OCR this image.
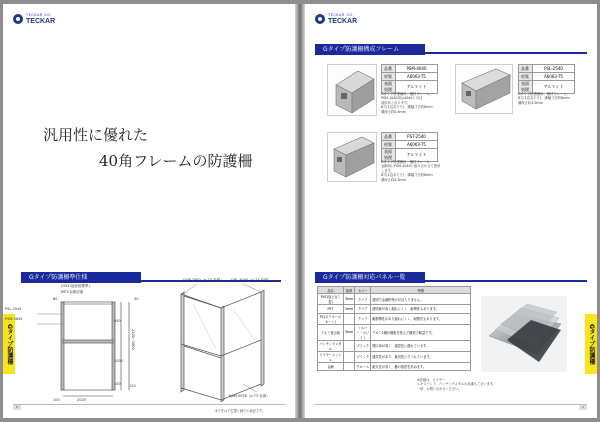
TECKAR CO.
TECKAR
汎用性に優れた
40角フレームの防護柵
Gタイプ防護柵準仕様
Gタイプ防護柵
PSL-2545
PSM-3645
(GSX:接続板標準)
MET:金網部番
GQP-2580（p.73 参照） GBL-4040（p.73 参照）
KAM-5556（p.73 参照）
60	40
950
1000
2100~1800
100 120
2025
100
※寸法は下位置と線での表記です。
8
TECKAR CO.
TECKAR
Gタイプ防護柵構成フレーム
品番	PSM-4040
材質	A6063-T5
表面処理	アルマイト
Gタイプ防護柵用、柵材フレーム。
PSM-1040用は4040とほぼ
同形状となります。
8穴(1辺あたり)、溝幅寸法約8mm
溝深さ約4.5mm
品番	PSL-2540
材質	A6063-T5
表面処理	アルマイト
Gタイプ防護柵用、横材フレーム。
8穴(1辺あたり)、溝幅寸法約8mm
溝深さ約4.5mm
品番	PST-2540
材質	A6063-T5
表面処理	アルマイト
Gタイプ防護柵用、柵材フレーム。
金網用にPSM-4040と組み合わせて使用します。
8穴(1辺あたり)、溝幅寸法約8mm
溝深さ約4.5mm
Gタイプ防護柵対応パネル一覧
品名	板厚	カラー	特徴
PVC(塩ビ)(三菱)	3mm	クリア	透明で金属粉等がほぼ入りません。
PET	3mm	クリア	透明度が高く割れにくく、耐熱性もあります。
PC(ポリカーボネート)		クリア	耐衝撃性があり割れにくく、耐熱性もあります。
アルミ複合板	3mm	シルバー・ホワイト	アルミ2層が樹脂を挟んだ構造で軽量です。
パンチングメタル		ブラック	開口率が高く、視認性に優れています。
ワイヤーメッシュ		ブラック	通気性があり、換気性にすぐれています。
金網		クローム	耐久性が高く、柵の強度を高めます。
※詳細は、ワイヤー、
エキスパンド、パンチングメタルの品番もございます。
一部、お問い合わせください。
Gタイプ防護柵
9
